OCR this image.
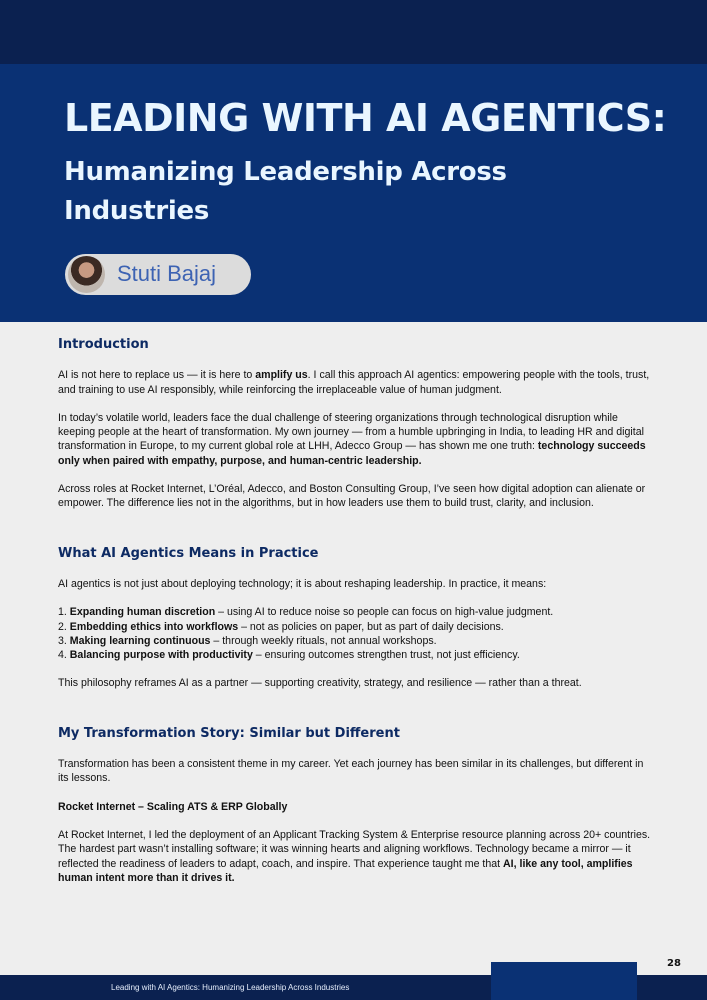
LEADING WITH AI AGENTICS:
Humanizing Leadership Across Industries
Stuti Bajaj
Introduction

AI is not here to replace us — it is here to amplify us. I call this approach AI agentics: empowering people with the tools, trust, and training to use AI responsibly, while reinforcing the irreplaceable value of human judgment.

In today’s volatile world, leaders face the dual challenge of steering organizations through technological disruption while keeping people at the heart of transformation. My own journey — from a humble upbringing in India, to leading HR and digital transformation in Europe, to my current global role at LHH, Adecco Group — has shown me one truth: technology succeeds only when paired with empathy, purpose, and human-centric leadership.

Across roles at Rocket Internet, L’Oréal, Adecco, and Boston Consulting Group, I’ve seen how digital adoption can alienate or empower. The difference lies not in the algorithms, but in how leaders use them to build trust, clarity, and inclusion.

What AI Agentics Means in Practice

AI agentics is not just about deploying technology; it is about reshaping leadership. In practice, it means:

1. Expanding human discretion – using AI to reduce noise so people can focus on high-value judgment.
2. Embedding ethics into workflows – not as policies on paper, but as part of daily decisions.
3. Making learning continuous – through weekly rituals, not annual workshops.
4. Balancing purpose with productivity – ensuring outcomes strengthen trust, not just efficiency.

This philosophy reframes AI as a partner — supporting creativity, strategy, and resilience — rather than a threat.

My Transformation Story: Similar but Different

Transformation has been a consistent theme in my career. Yet each journey has been similar in its challenges, but different in its lessons.

Rocket Internet – Scaling ATS & ERP Globally

At Rocket Internet, I led the deployment of an Applicant Tracking System & Enterprise resource planning across 20+ countries. The hardest part wasn’t installing software; it was winning hearts and aligning workflows. Technology became a mirror — it reflected the readiness of leaders to adapt, coach, and inspire. That experience taught me that AI, like any tool, amplifies human intent more than it drives it.

28
Leading with AI Agentics: Humanizing Leadership Across Industries
